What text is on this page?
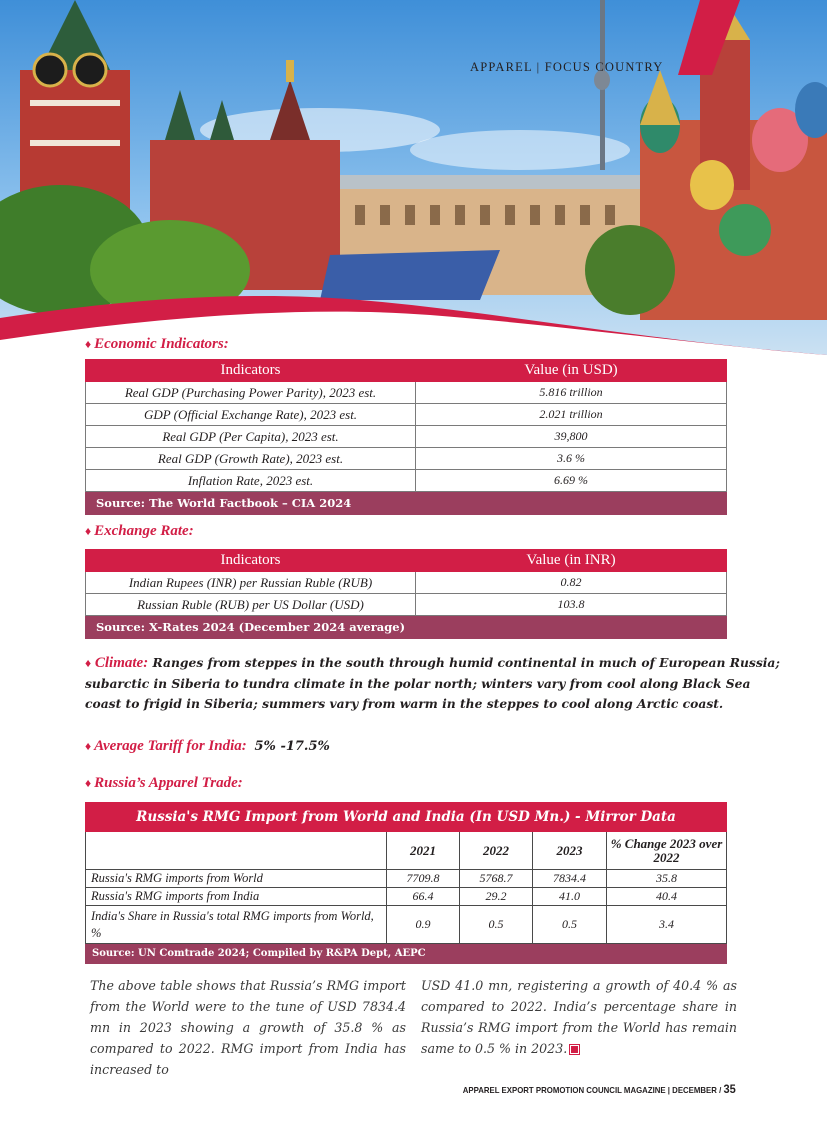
APPAREL | FOCUS COUNTRY
♦ Economic Indicators:
Indicators	Value (in USD)
Real GDP (Purchasing Power Parity), 2023 est.	5.816 trillion
GDP (Official Exchange Rate), 2023 est.	2.021 trillion
Real GDP (Per Capita), 2023 est.	39,800
Real GDP (Growth Rate), 2023 est.	3.6 %
Inflation Rate, 2023 est.	6.69 %
Source: The World Factbook – CIA 2024	
♦ Exchange Rate:
Indicators	Value (in INR)
Indian Rupees (INR) per Russian Ruble (RUB)	0.82
Russian Ruble (RUB) per US Dollar (USD)	103.8
Source: X-Rates 2024 (December 2024 average)	
♦ Climate: Ranges from steppes in the south through humid continental in much of European Russia; subarctic in Siberia to tundra climate in the polar north; winters vary from cool along Black Sea coast to frigid in Siberia; summers vary from warm in the steppes to cool along Arctic coast.
♦ Average Tariff for India: 5% -17.5%
♦ Russia’s Apparel Trade:
Russia's RMG Import from World and India (In USD Mn.) - Mirror Data				
	2021	2022	2023	% Change 2023 over 2022
Russia's RMG imports from World	7709.8	5768.7	7834.4	35.8
Russia's RMG imports from India	66.4	29.2	41.0	40.4
India's Share in Russia's total RMG imports from World, %	0.9	0.5	0.5	3.4
Source: UN Comtrade 2024; Compiled by R&PA Dept, AEPC				
The above table shows that Russia’s RMG import from the World were to the tune of USD 7834.4 mn in 2023 showing a growth of 35.8 % as compared to 2022. RMG import from India has increased to
USD 41.0 mn, registering a growth of 40.4 % as compared to 2022. India’s percentage share in Russia’s RMG import from the World has remain same to 0.5 % in 2023.
APPAREL EXPORT PROMOTION COUNCIL MAGAZINE | DECEMBER / 35
